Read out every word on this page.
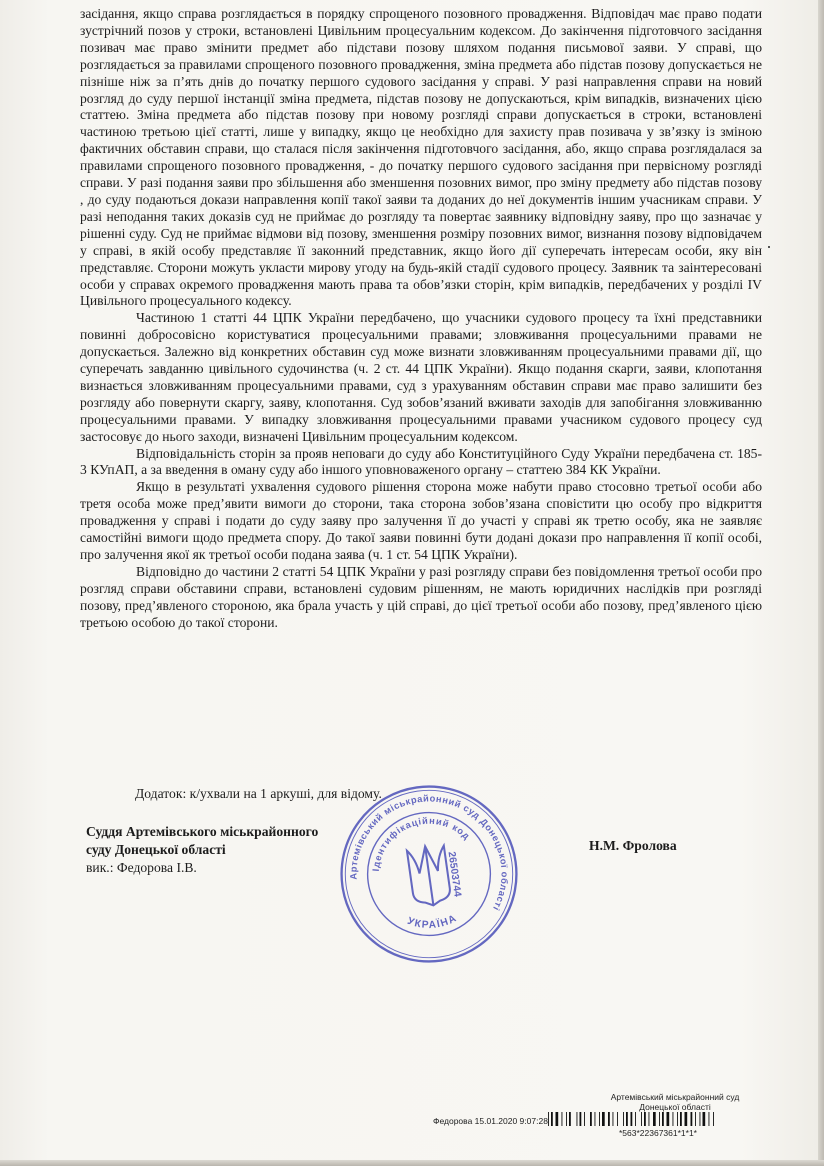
засідання, якщо справа розглядається в порядку спрощеного позовного провадження. Відповідач має право подати зустрічний позов у строки, встановлені Цивільним процесуальним кодексом. До закінчення підготовчого засідання позивач має право змінити предмет або підстави позову шляхом подання письмової заяви. У справі, що розглядається за правилами спрощеного позовного провадження, зміна предмета або підстав позову допускається не пізніше ніж за п’ять днів до початку першого судового засідання у справі. У разі направлення справи на новий розгляд до суду першої інстанції зміна предмета, підстав позову не допускаються, крім випадків, визначених цією статтею. Зміна предмета або підстав позову при новому розгляді справи допускається в строки, встановлені частиною третьою цієї статті, лише у випадку, якщо це необхідно для захисту прав позивача у зв’язку із зміною фактичних обставин справи, що сталася після закінчення підготовчого засідання, або, якщо справа розглядалася за правилами спрощеного позовного провадження, - до початку першого судового засідання при первісному розгляді справи. У разі подання заяви про збільшення або зменшення позовних вимог, про зміну предмету або підстав позову , до суду подаються докази направлення копії такої заяви та доданих до неї документів іншим учасникам справи. У разі неподання таких доказів суд не приймає до розгляду та повертає заявнику відповідну заяву, про що зазначає у рішенні суду. Суд не приймає відмови від позову, зменшення розміру позовних вимог, визнання позову відповідачем у справі, в якій особу представляє її законний представник, якщо його дії суперечать інтересам особи, яку він представляє. Сторони можуть укласти мирову угоду на будь-якій стадії судового процесу. Заявник та заінтересовані особи у справах окремого провадження мають права та обов’язки сторін, крім випадків, передбачених у розділі IV Цивільного процесуального кодексу.

Частиною 1 статті 44 ЦПК України передбачено, що учасники судового процесу та їхні представники повинні добросовісно користуватися процесуальними правами; зловживання процесуальними правами не допускається. Залежно від конкретних обставин суд може визнати зловживанням процесуальними правами дії, що суперечать завданню цивільного судочинства (ч. 2 ст. 44 ЦПК України). Якщо подання скарги, заяви, клопотання визнається зловживанням процесуальними правами, суд з урахуванням обставин справи має право залишити без розгляду або повернути скаргу, заяву, клопотання. Суд зобов’язаний вживати заходів для запобігання зловживанню процесуальними правами. У випадку зловживання процесуальними правами учасником судового процесу суд застосовує до нього заходи, визначені Цивільним процесуальним кодексом.

Відповідальність сторін за прояв неповаги до суду або Конституційного Суду України передбачена ст. 185-3 КУпАП, а за введення в оману суду або іншого уповноваженого органу – статтею 384 КК України.

Якщо в результаті ухвалення судового рішення сторона може набути право стосовно третьої особи або третя особа може пред’явити вимоги до сторони, така сторона зобов’язана сповістити цю особу про відкриття провадження у справі і подати до суду заяву про залучення її до участі у справі як третю особу, яка не заявляє самостійні вимоги щодо предмета спору. До такої заяви повинні бути додані докази про направлення її копії особі, про залучення якої як третьої особи подана заява (ч. 1 ст. 54 ЦПК України).

Відповідно до частини 2 статті 54 ЦПК України у разі розгляду справи без повідомлення третьої особи про розгляд справи обставини справи, встановлені судовим рішенням, не мають юридичних наслідків при розгляді позову, пред’явленого стороною, яка брала участь у цій справі, до цієї третьої особи або позову, пред’явленого цією третьою особою до такої сторони.

Додаток: к/ухвали на 1 аркуші, для відому.
Суддя Артемівського міськрайонного
суду Донецької області
вик.: Федорова І.В.
Н.М. Фролова
Артемівський міськрайонний суд Донецької області
Ідентифікаційний код
УКРАЇНА
26503744
Артемівський міськрайонний суд
Донецької області
Федорова 15.01.2020 9:07:28
*563*22367361*1*1*
